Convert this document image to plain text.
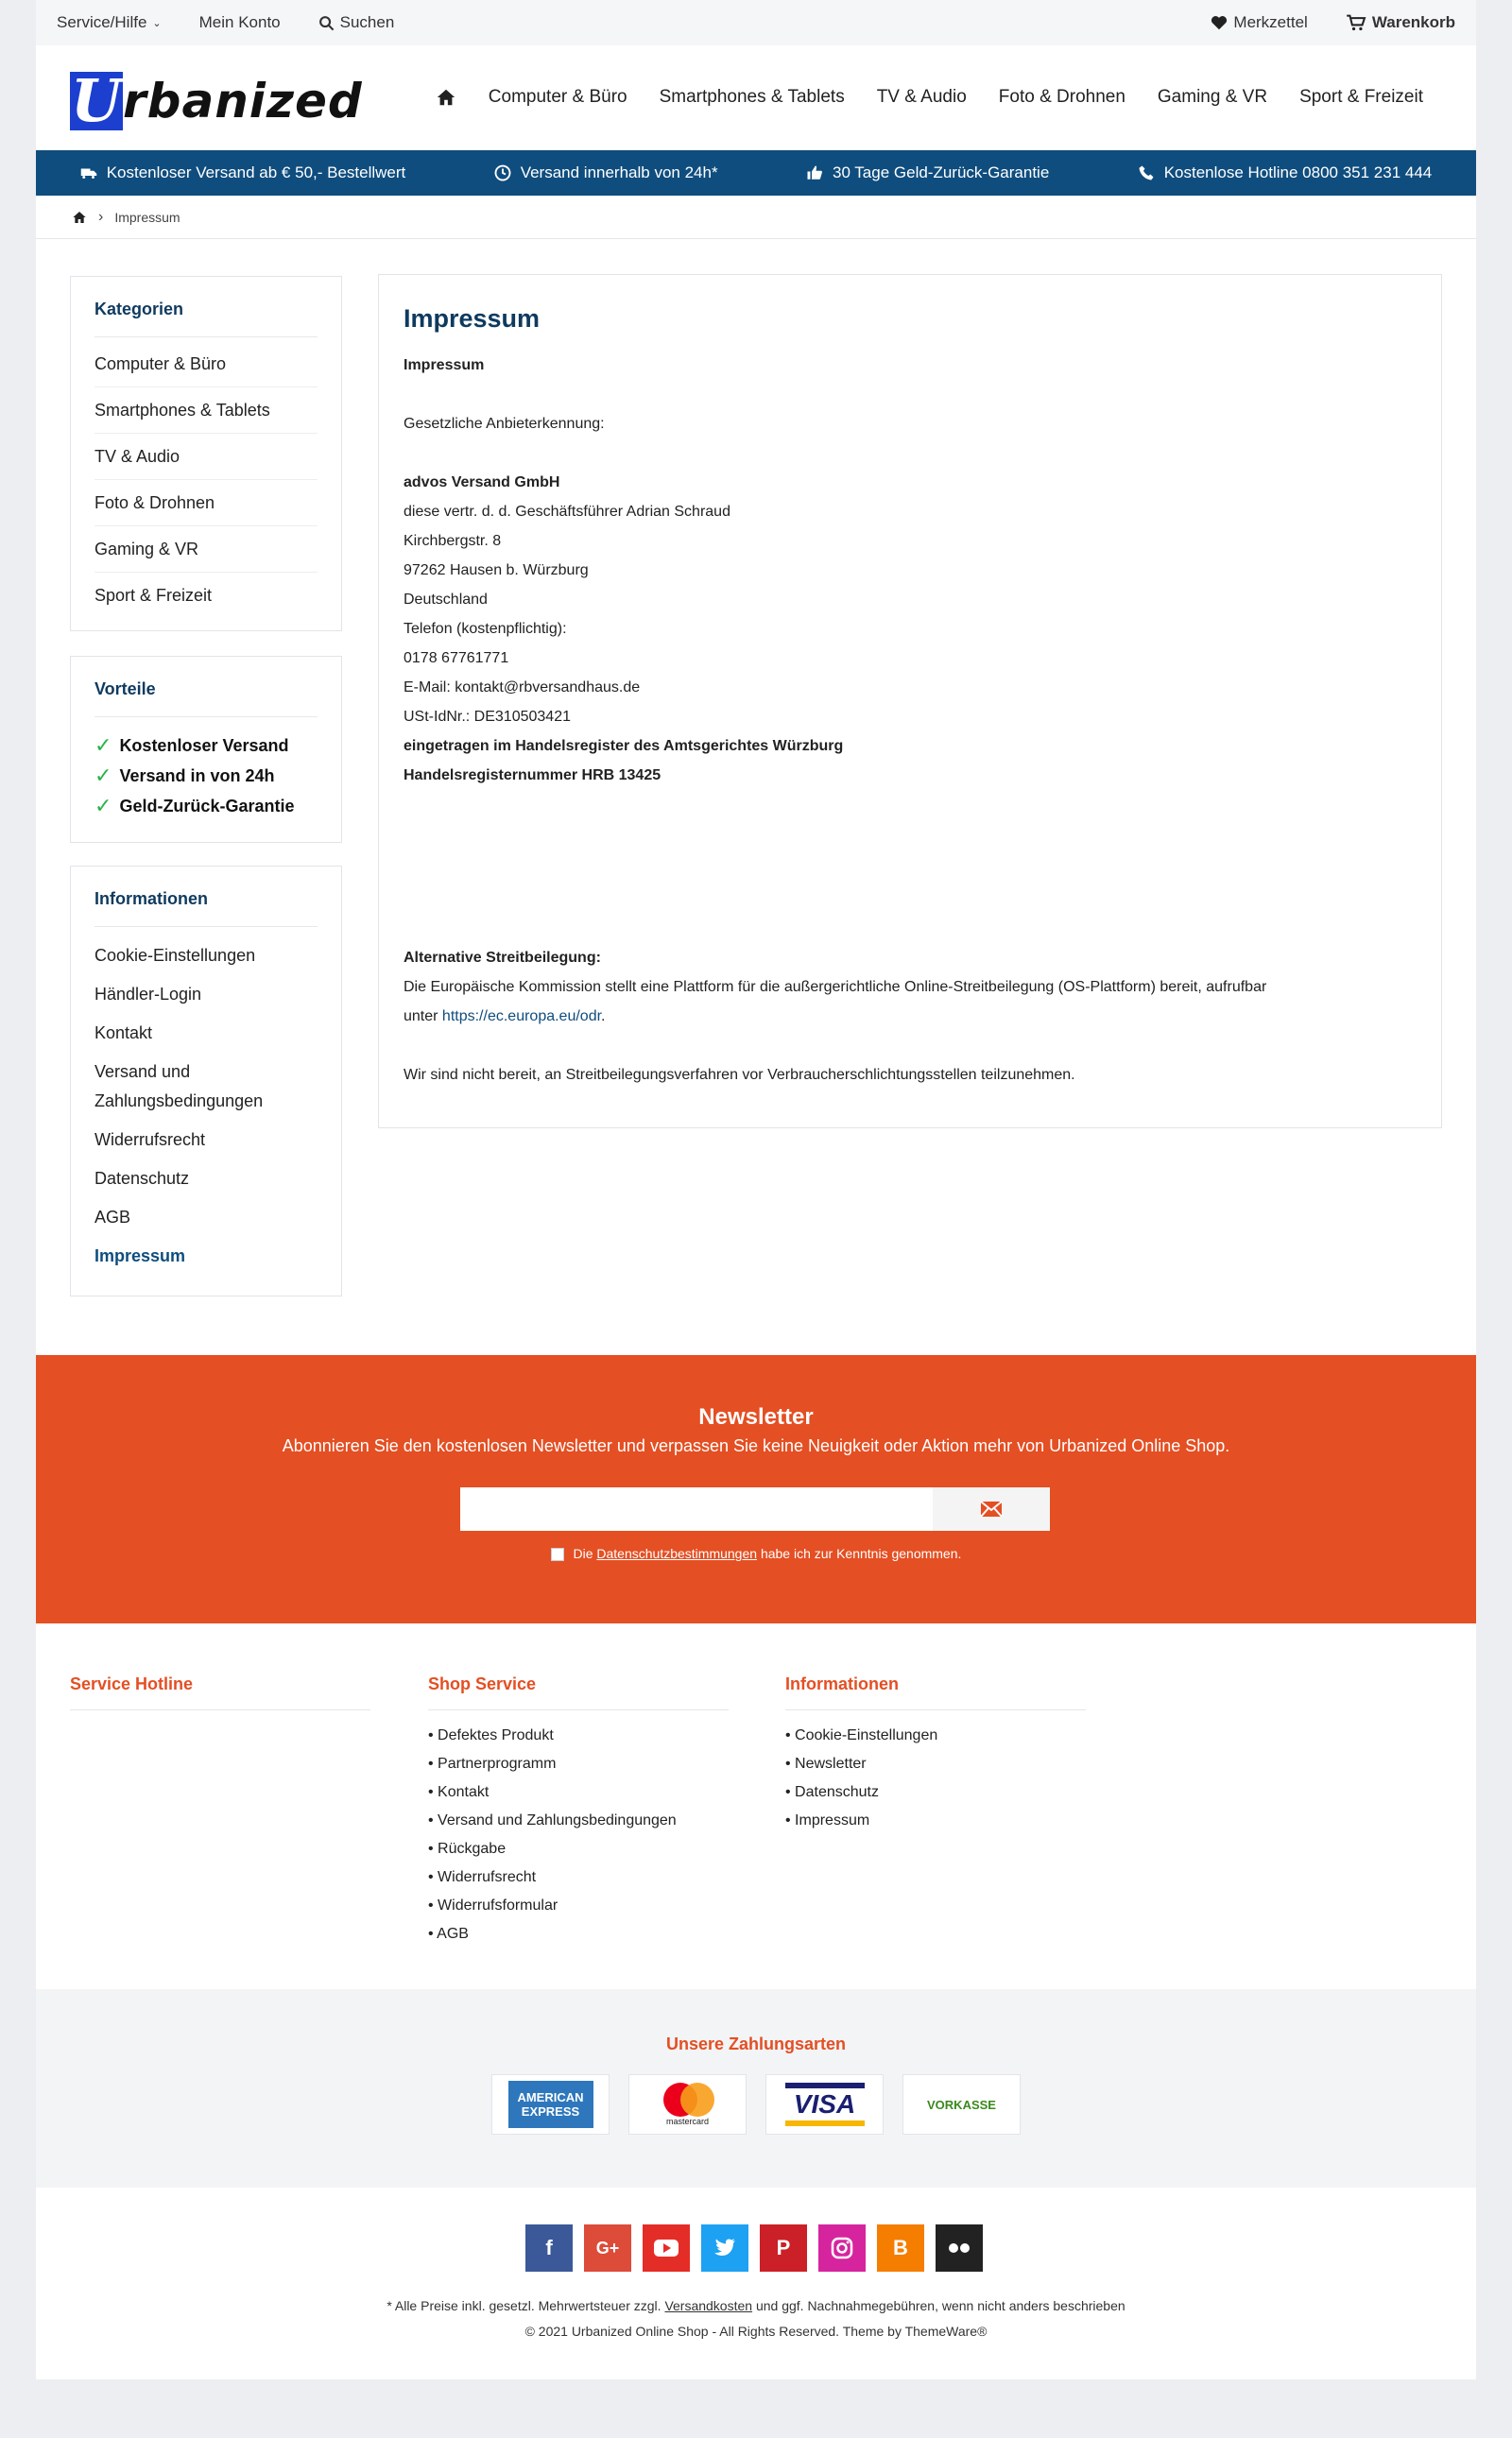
Service/Hilfe ⌄ Mein Konto	Suchen	Merkzettel	Warenkorb
U rbanized	Computer & Büro Smartphones & Tablets TV & Audio Foto & Drohnen Gaming & VR Sport & Freizeit
Kostenloser Versand ab € 50,- Bestellwert	Versand innerhalb von 24h*	30 Tage Geld-Zurück-Garantie	Kostenlose Hotline 0800 351 231 444
› Impressum
Kategorien
Computer & Büro
Smartphones & Tablets
TV & Audio
Foto & Drohnen
Gaming & VR
Sport & Freizeit
Vorteile
✓ Kostenloser Versand
✓ Versand in von 24h
✓ Geld-Zurück-Garantie
Informationen
Cookie-Einstellungen
Händler-Login
Kontakt
Versand und Zahlungsbedingungen
Widerrufsrecht
Datenschutz
AGB
Impressum
Impressum
Impressum
Gesetzliche Anbieterkennung:
advos Versand GmbH
diese vertr. d. d. Geschäftsführer Adrian Schraud
Kirchbergstr. 8
97262 Hausen b. Würzburg
Deutschland
Telefon (kostenpflichtig):
0178 67761771
E-Mail: kontakt@rbversandhaus.de
USt-IdNr.: DE310503421
eingetragen im Handelsregister des Amtsgerichtes Würzburg
Handelsregisternummer HRB 13425
Alternative Streitbeilegung:
Die Europäische Kommission stellt eine Plattform für die außergerichtliche Online-Streitbeilegung (OS-Plattform) bereit, aufrufbar
unter https://ec.europa.eu/odr.
Wir sind nicht bereit, an Streitbeilegungsverfahren vor Verbraucherschlichtungsstellen teilzunehmen.
Newsletter
Abonnieren Sie den kostenlosen Newsletter und verpassen Sie keine Neuigkeit oder Aktion mehr von Urbanized Online Shop.
Die Datenschutzbestimmungen habe ich zur Kenntnis genommen.
Service Hotline	Shop Service
• Defektes Produkt
• Partnerprogramm
• Kontakt
• Versand und Zahlungsbedingungen
• Rückgabe
• Widerrufsrecht
• Widerrufsformular
• AGB
Informationen
• Cookie-Einstellungen
• Newsletter
• Datenschutz
• Impressum
Unsere Zahlungsarten
AMERICAN EXPRESS
mastercard
VISA	VORKASSE
f	G+	P	B
* Alle Preise inkl. gesetzl. Mehrwertsteuer zzgl. Versandkosten und ggf. Nachnahmegebühren, wenn nicht anders beschrieben
© 2021 Urbanized Online Shop - All Rights Reserved. Theme by ThemeWare®
